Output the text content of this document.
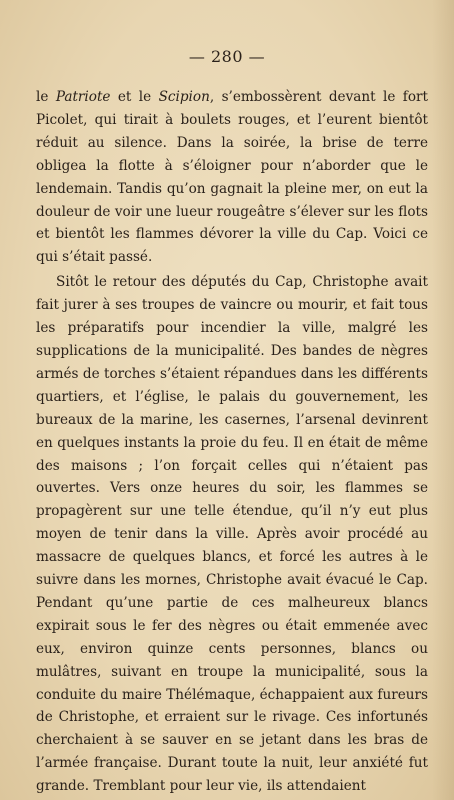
— 280 —

le Patriote et le Scipion, s’embossèrent devant le fort Picolet, qui tirait à boulets rouges, et l’eurent bientôt réduit au silence. Dans la soirée, la brise de terre obligea la flotte à s’éloigner pour n’aborder que le lendemain. Tandis qu’on gagnait la pleine mer, on eut la douleur de voir une lueur rougeâtre s’élever sur les flots et bientôt les flammes dévorer la ville du Cap. Voici ce qui s’était passé.

Sitôt le retour des députés du Cap, Christophe avait fait jurer à ses troupes de vaincre ou mourir, et fait tous les préparatifs pour incendier la ville, malgré les supplications de la municipalité. Des bandes de nègres armés de torches s’étaient répandues dans les différents quartiers, et l’église, le palais du gouvernement, les bureaux de la marine, les casernes, l’arsenal devinrent en quelques instants la proie du feu. Il en était de même des maisons ; l’on forçait celles qui n’étaient pas ouvertes. Vers onze heures du soir, les flammes se propagèrent sur une telle étendue, qu’il n’y eut plus moyen de tenir dans la ville. Après avoir procédé au massacre de quelques blancs, et forcé les autres à le suivre dans les mornes, Christophe avait évacué le Cap. Pendant qu’une partie de ces malheureux blancs expirait sous le fer des nègres ou était emmenée avec eux, environ quinze cents personnes, blancs ou mulâtres, suivant en troupe la municipalité, sous la conduite du maire Thélémaque, échappaient aux fureurs de Christophe, et erraient sur le rivage. Ces infortunés cherchaient à se sauver en se jetant dans les bras de l’armée française. Durant toute la nuit, leur anxiété fut grande. Tremblant pour leur vie, ils attendaient
